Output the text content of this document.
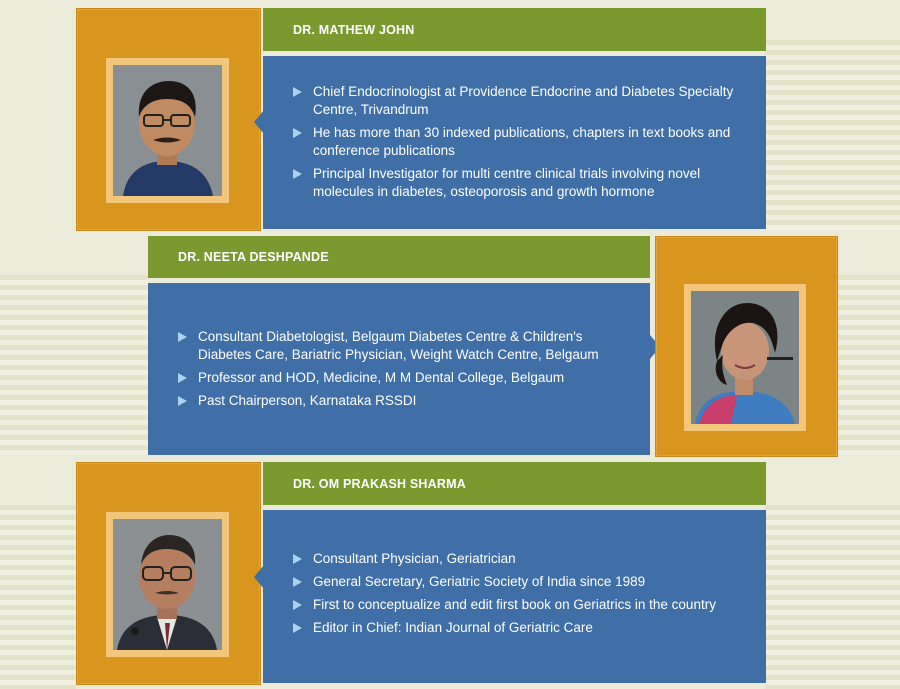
DR. MATHEW JOHN
Chief Endocrinologist at Providence Endocrine and Diabetes Specialty Centre, Trivandrum
He has more than 30 indexed publications, chapters in text books and conference publications
Principal Investigator for multi centre clinical trials involving novel molecules in diabetes, osteoporosis and growth hormone
DR. NEETA DESHPANDE
Consultant Diabetologist, Belgaum Diabetes Centre & Children's Diabetes Care, Bariatric Physician, Weight Watch Centre, Belgaum
Professor and HOD, Medicine, M M Dental College, Belgaum
Past Chairperson, Karnataka RSSDI
DR. OM PRAKASH SHARMA
Consultant Physician, Geriatrician
General Secretary, Geriatric Society of India since 1989
First to conceptualize and edit first book on Geriatrics in the country
Editor in Chief: Indian Journal of Geriatric Care
